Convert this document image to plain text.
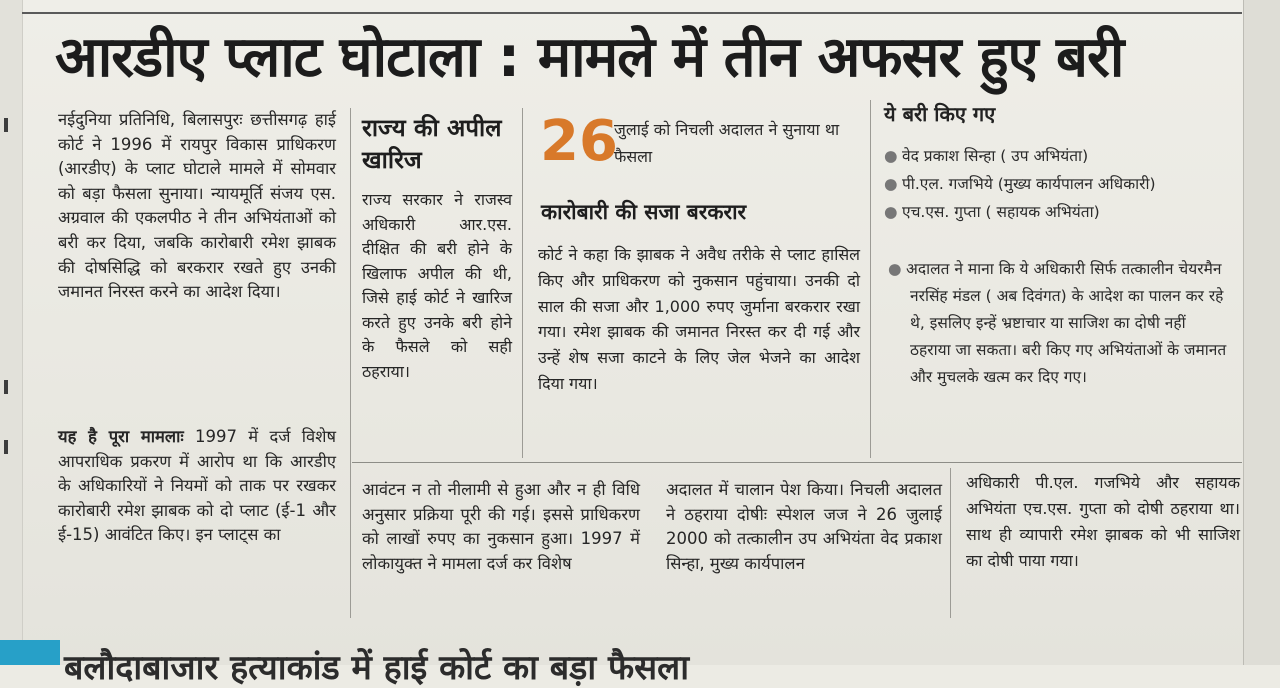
आरडीए प्लाट घोटाला : मामले में तीन अफसर हुए बरी
नईदुनिया प्रतिनिधि, बिलासपुरः छत्तीसगढ़ हाई कोर्ट ने 1996 में रायपुर विकास प्राधिकरण (आरडीए) के प्लाट घोटाले मामले में सोमवार को बड़ा फैसला सुनाया। न्यायमूर्ति संजय एस. अग्रवाल की एकलपीठ ने तीन अभियंताओं को बरी कर दिया, जबकि कारोबारी रमेश झाबक की दोषसिद्धि को बरकरार रखते हुए उनकी जमानत निरस्त करने का आदेश दिया।
यह है पूरा मामलाः 1997 में दर्ज विशेष आपराधिक प्रकरण में आरोप था कि आरडीए के अधिकारियों ने नियमों को ताक पर रखकर कारोबारी रमेश झाबक को दो प्लाट (ई-1 और ई-15) आवंटित किए। इन प्लाट्स का
राज्य की अपील खारिज
राज्य सरकार ने राजस्व अधिकारी आर.एस. दीक्षित की बरी होने के खिलाफ अपील की थी, जिसे हाई कोर्ट ने खारिज करते हुए उनके बरी होने के फैसले को सही ठहराया।
26
जुलाई को निचली अदालत ने सुनाया था फैसला
कारोबारी की सजा बरकरार
कोर्ट ने कहा कि झाबक ने अवैध तरीके से प्लाट हासिल किए और प्राधिकरण को नुकसान पहुंचाया। उनकी दो साल की सजा और 1,000 रुपए जुर्माना बरकरार रखा गया। रमेश झाबक की जमानत निरस्त कर दी गई और उन्हें शेष सजा काटने के लिए जेल भेजने का आदेश दिया गया।
ये बरी किए गए
● वेद प्रकाश सिन्हा ( उप अभियंता)
● पी.एल. गजभिये (मुख्य कार्यपालन अधिकारी)
● एच.एस. गुप्ता ( सहायक अभियंता)
● अदालत ने माना कि ये अधिकारी सिर्फ तत्कालीन चेयरमैन नरसिंह मंडल ( अब दिवंगत) के आदेश का पालन कर रहे थे, इसलिए इन्हें भ्रष्टाचार या साजिश का दोषी नहीं ठहराया जा सकता। बरी किए गए अभियंताओं के जमानत और मुचलके खत्म कर दिए गए।
आवंटन न तो नीलामी से हुआ और न ही विधि अनुसार प्रक्रिया पूरी की गई। इससे प्राधिकरण को लाखों रुपए का नुकसान हुआ। 1997 में लोकायुक्त ने मामला दर्ज कर विशेष
अदालत में चालान पेश किया। निचली अदालत ने ठहराया दोषीः स्पेशल जज ने 26 जुलाई 2000 को तत्कालीन उप अभियंता वेद प्रकाश सिन्हा, मुख्य कार्यपालन
अधिकारी पी.एल. गजभिये और सहायक अभियंता एच.एस. गुप्ता को दोषी ठहराया था। साथ ही व्यापारी रमेश झाबक को भी साजिश का दोषी पाया गया।
बलौदाबाजार हत्याकांड में हाई कोर्ट का बड़ा फैसला
